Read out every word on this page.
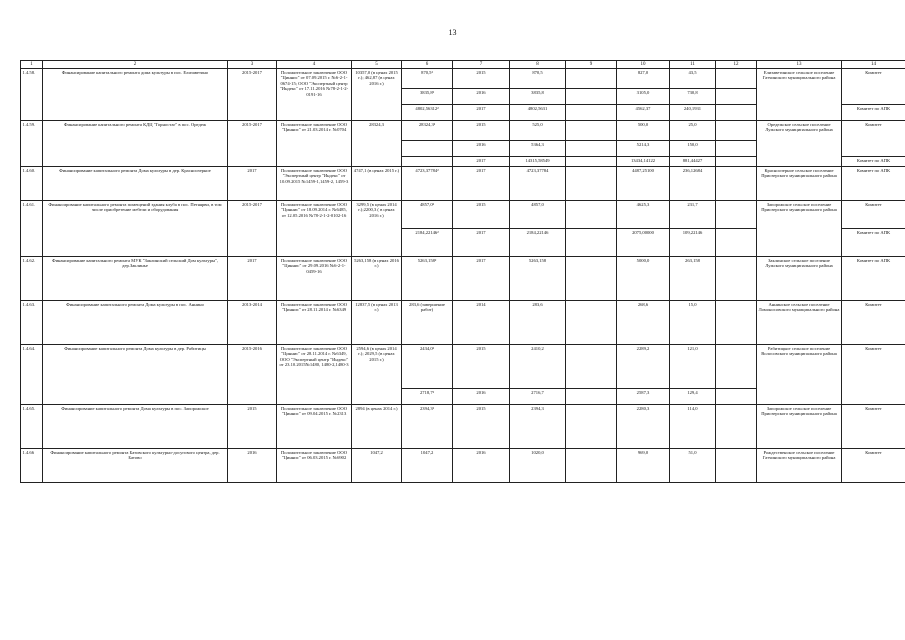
13
1	2	3	4	5	6	7	8	9	10	11	12	13	14
1.4.58.	Финансирование капитального ремонта дома культуры в пос. Елизаветино	2015-2017	Положительное заключение ООО "Циннис" от 07.09.2015 г. №6-2-1-0674-15; ООО "Экспертный центр "Индекс" от 17.11.2016 №78-2-1-2-0191-16	10357,0 (в ценах 2015 г.); 462,87 (в ценах 2016 г.)	870,5²	2015	870,5		827,0	43,5		Елизаветинское сельское поселение Гатчинского муниципального района	Комитет
					3835,8²	2016	3835,8		3105,0	730,8			
					4802,56312²	2017	4802,5631		4562,37	240,1931			Комитет по АПК
1.4.59.	Финансирование капитального ремонта КДЦ "Горностаг" в пос. Оредеж	2015-2017	Положительное заключение ООО "Циннис" от 21.03.2014 г. №0704	28324,3	28324,3²	2015	525,0		500,0	25,0		Оредежское сельское поселение Лужского муниципального района	Комитет
						2016	5364,3		5214,3	150,0			
						2017	14315,58549		13434,14122	881,44427			Комитет по АПК
1.4.60.	Финансирование капитального ремонта Дома культуры в дер. Красноозерное	2017	Положительное заключение ООО "Экспертный центр "Индекс" от 10.09.2015 №1459-1,1459-2, 1459-3	4747,1 (в ценах 2015 г.)	4723,37784²	2017	4723,37784		4487,25100	236,12684		Красноозерное сельское поселение Приозерского муниципального района	Комитет по АПК
1.4.61.	Финансирование капитального ремонта помещений здания клуба в пос. Петяярви, в том числе приобретение мебели и оборудования	2015-2017	Положительное заключение ООО "Циннис" от 18.09.2014 г. №6485, от 12.05.2016 №78-2-1-2-0102-16	3299,5 (в ценах 2014 г.);2200,3 ( в ценах 2016 г.)	4857,0²	2015	4857,0		4625,3	231,7		Запорожское сельское поселение Приозерского муниципального района	Комитет
					2184,22146²	2017	2184,22146		2075,00000	109,22146			Комитет по АПК
1.4.62.	Финансирование капитального ремонта МУК "Заклинский сельский Дом культуры", дер.Заклинье	2017	Положительное заключение ООО "Циннис" от 29.09.2016 №6-2-1-0459-16	5263,158 (в ценах 2016 г.)	5263,158²	2017	5263,158		5000,0	263,158		Заклинское сельское поселение Лужского муниципального района	Комитет по АПК
1.4.63.	Финансирование капитального ремонта Дома культуры в пос. Аннино	2013-2014	Положительное заключение ООО "Циннис" от 28.11.2014 г. №6349	12837,5 (в ценах 2013 г.)	283,6 (завершение работ)	2014	283,6		268,6	15,0		Аннинское сельское поселение Ломоносовского муниципального района	Комитет
1.4.64.	Финансирование капитального ремонта Дома культуры в дер. Рабитицы	2015-2016	Положительное заключение ООО "Циннис" от 28.11.2014 г. №6349, ООО "Экспертный центр "Индекс" от 23.10.2015№1480, 1480-2,1480-3	2594,6 (в ценах 2014 г.); 2029,5 (в ценах 2015 г.)	2434,0²	2015	2410,2		2289,2	121,0		Рабитицкое сельское поселение Волосовского муниципального района	Комитет
					2718,7²	2016	2716,7		2587,3	129,4			
1.4.65.	Финансирование капитального ремонта Дома культуры в пос. Запорожское	2015	Положительное заключение ООО "Циннис" от 09.04.2015 г. №2313	2894 (в ценах 2014 г.)	2394,3²	2015	2394,3		2280,3	114,0		Запорожское сельское поселение Приозерского муниципального района	Комитет
1.4.66	Финансирование капитального ремонта Батовского культурно-досугового центра, дер. Батово	2016	Положительное заключение ООО "Циннис" от 06.03.2015 г. №6902	1047,2	1047,2	2016	1020,0		969,0	51,0		Рождественское сельское поселение Гатчинского муниципального района	Комитет
